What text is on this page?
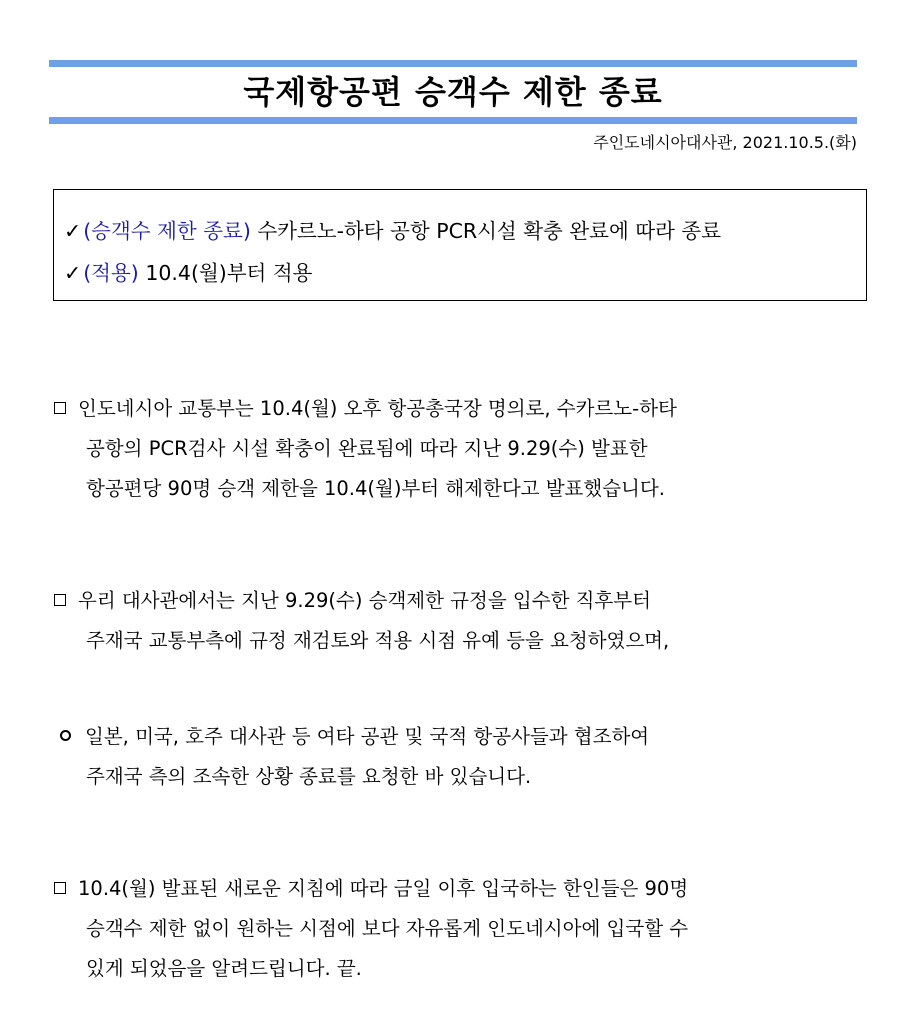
국제항공편 승객수 제한 종료
주인도네시아대사관, 2021.10.5.(화)
✓(승객수 제한 종료) 수카르노-하타 공항 PCR시설 확충 완료에 따라 종료
✓(적용) 10.4(월)부터 적용
인도네시아 교통부는 10.4(월) 오후 항공총국장 명의로, 수카르노-하타
공항의 PCR검사 시설 확충이 완료됨에 따라 지난 9.29(수) 발표한
항공편당 90명 승객 제한을 10.4(월)부터 해제한다고 발표했습니다.
우리 대사관에서는 지난 9.29(수) 승객제한 규정을 입수한 직후부터
주재국 교통부측에 규정 재검토와 적용 시점 유예 등을 요청하였으며,
일본, 미국, 호주 대사관 등 여타 공관 및 국적 항공사들과 협조하여
주재국 측의 조속한 상황 종료를 요청한 바 있습니다.
10.4(월) 발표된 새로운 지침에 따라 금일 이후 입국하는 한인들은 90명
승객수 제한 없이 원하는 시점에 보다 자유롭게 인도네시아에 입국할 수
있게 되었음을 알려드립니다. 끝.
